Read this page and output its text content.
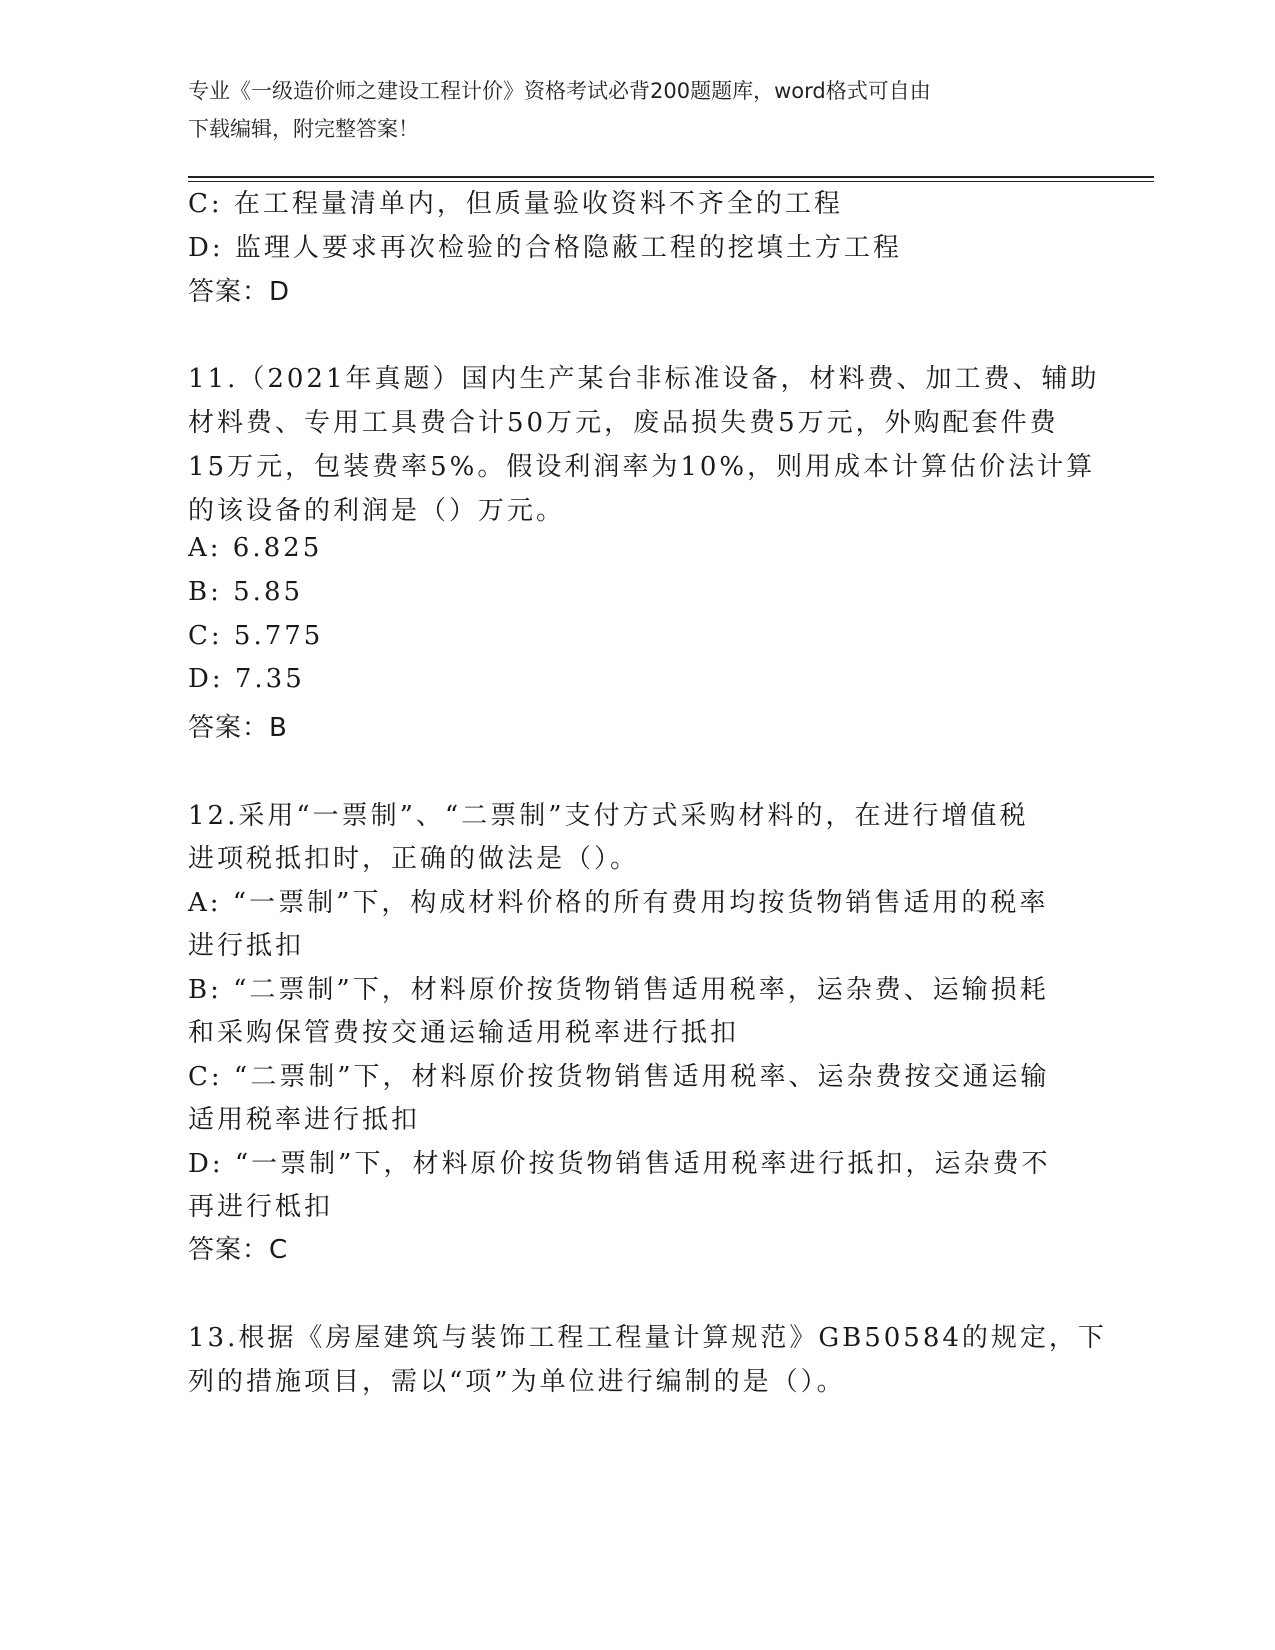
专业《一级造价师之建设工程计价》资格考试必背200题题库，word格式可自由
下载编辑，附完整答案！
C: 在工程量清单内，但质量验收资料不齐全的工程
D: 监理人要求再次检验的合格隐蔽工程的挖填土方工程
答案：D
11.（2021年真题）国内生产某台非标准设备，材料费、加工费、辅助
材料费、专用工具费合计50万元，废品损失费5万元，外购配套件费
15万元，包装费率5%。假设利润率为10%，则用成本计算估价法计算
的该设备的利润是（）万元。
A: 6.825
B: 5.85
C: 5.775
D: 7.35
答案：B
12.采用“一票制”、“二票制”支付方式采购材料的，在进行增值税
进项税抵扣时，正确的做法是（）。
A: “一票制”下，构成材料价格的所有费用均按货物销售适用的税率
进行抵扣
B: “二票制”下，材料原价按货物销售适用税率，运杂费、运输损耗
和采购保管费按交通运输适用税率进行抵扣
C: “二票制”下，材料原价按货物销售适用税率、运杂费按交通运输
适用税率进行抵扣
D: “一票制”下，材料原价按货物销售适用税率进行抵扣，运杂费不
再进行柢扣
答案：C
13.根据《房屋建筑与装饰工程工程量计算规范》GB50584的规定，下
列的措施项目，需以“项”为单位进行编制的是（）。
